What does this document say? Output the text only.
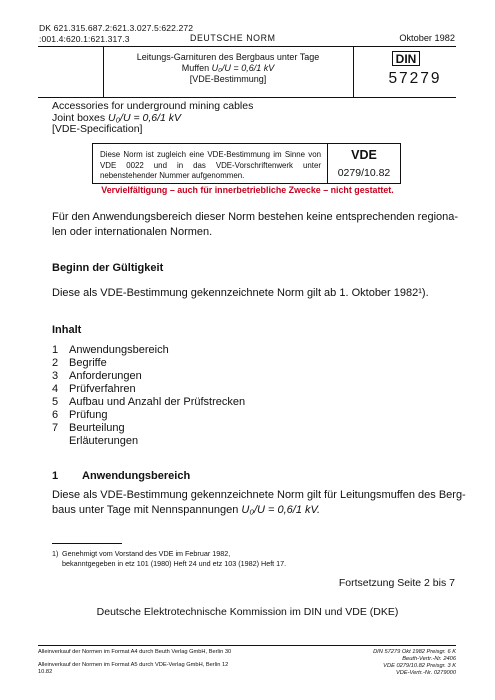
DK 621.315.687.2:621.3.027.5:622.272
:001.4:620.1:621.317.3	DEUTSCHE NORM	Oktober 1982
Leitungs-Garnituren des Bergbaus unter Tage
Muffen U₀/U = 0,6/1 kV
[VDE-Bestimmung]
DIN
57279
Accessories for underground mining cables
Joint boxes U₀/U = 0,6/1 kV
[VDE-Specification]
Diese Norm ist zugleich eine VDE-Bestimmung im Sinne von VDE 0022 und in das VDE-Vorschriftenwerk unter nebenstehender Nummer aufgenommen.
VDE
0279/10.82
Vervielfältigung – auch für innerbetriebliche Zwecke – nicht gestattet.
Für den Anwendungsbereich dieser Norm bestehen keine entsprechenden regiona-
len oder internationalen Normen.
Beginn der Gültigkeit
Diese als VDE-Bestimmung gekennzeichnete Norm gilt ab 1. Oktober 1982¹).
Inhalt
1 Anwendungsbereich
2 Begriffe
3 Anforderungen
4 Prüfverfahren
5 Aufbau und Anzahl der Prüfstrecken
6 Prüfung
7 Beurteilung
Erläuterungen
1 Anwendungsbereich
Diese als VDE-Bestimmung gekennzeichnete Norm gilt für Leitungsmuffen des Berg-
baus unter Tage mit Nennspannungen U₀/U = 0,6/1 kV.
1) Genehmigt vom Vorstand des VDE im Februar 1982,
bekanntgegeben in etz 101 (1980) Heft 24 und etz 103 (1982) Heft 17.
Fortsetzung Seite 2 bis 7
Deutsche Elektrotechnische Kommission im DIN und VDE (DKE)
Alleinverkauf der Normen im Format A4 durch Beuth Verlag GmbH, Berlin 30
Alleinverkauf der Normen im Format A5 durch VDE-Verlag GmbH, Berlin 12
10.82
DIN 57279 Okt 1982 Preisgr. 6 K
Beuth-Vertr.-Nr. 2406
VDE 0279/10.82 Preisgr. 3 K
VDE-Vertr.-Nr. 0279000
